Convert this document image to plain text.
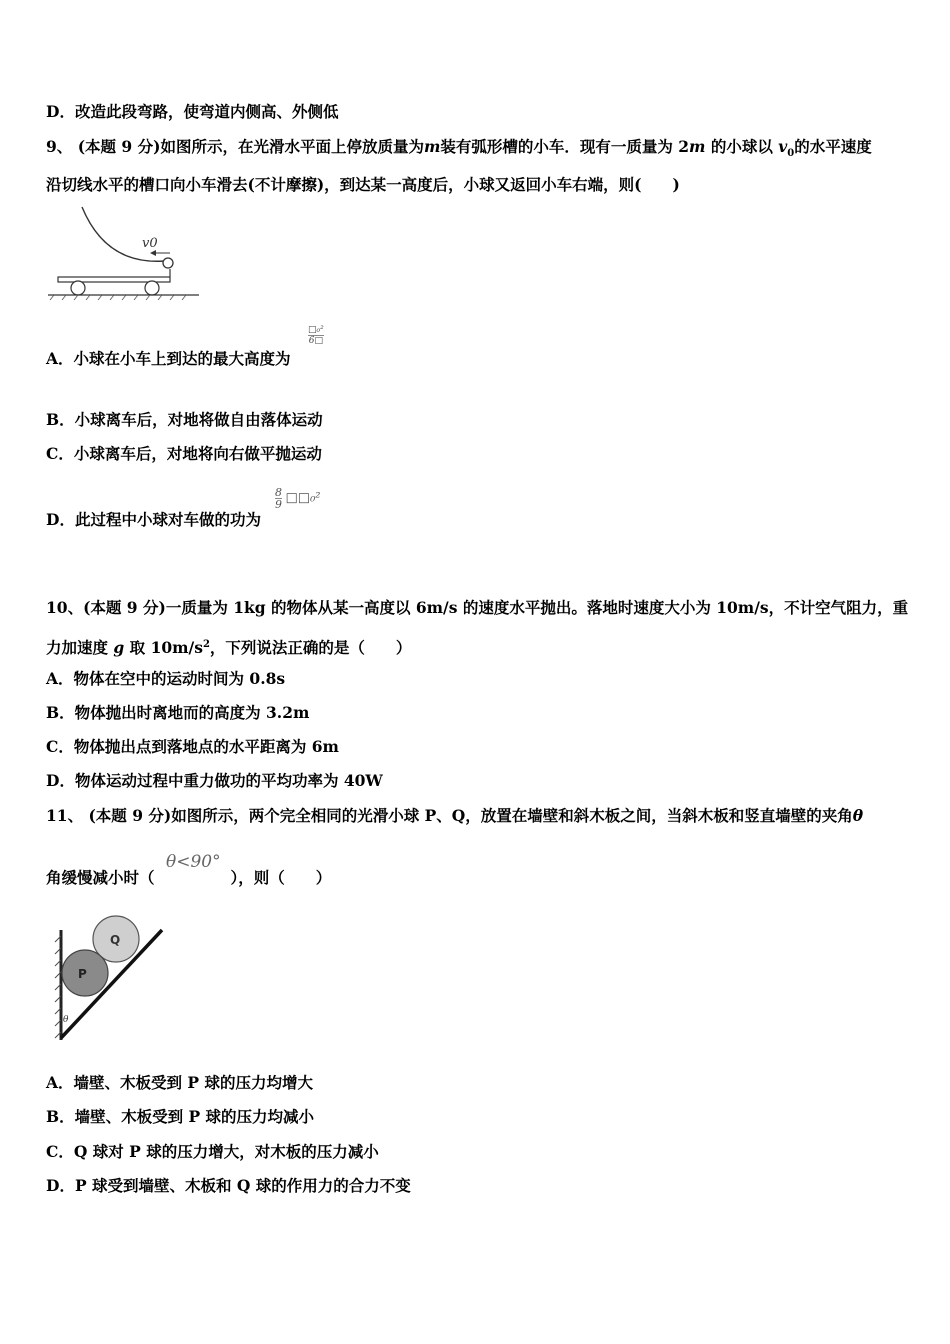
D．改造此段弯路，使弯道内侧高、外侧低
9、 (本题 9 分)如图所示，在光滑水平面上停放质量为m装有弧形槽的小车．现有一质量为 2m 的小球以 $v_0$的水平速度
沿切线水平的槽口向小车滑去(不计摩擦)，到达某一高度后，小球又返回小车右端，则(　　)
v0
A．小球在小车上到达的最大高度为
□₀²
6□
B．小球离车后，对地将做自由落体运动
C．小球离车后，对地将向右做平抛运动
D．此过程中小球对车做的功为
$\frac{8}{9}$ □□₀²
10、(本题 9 分)一质量为 1kg 的物体从某一高度以 6m/s 的速度水平抛出。落地时速度大小为 10m/s，不计空气阻力，重
力加速度 g 取 $10m/s^2$，下列说法正确的是（　　）
A．物体在空中的运动时间为 0.8s
B．物体抛出时离地而的高度为 3.2m
C．物体抛出点到落地点的水平距离为 6m
D．物体运动过程中重力做功的平均功率为 40W
11、 (本题 9 分)如图所示，两个完全相同的光滑小球 P、Q，放置在墙壁和斜木板之间，当斜木板和竖直墙壁的夹角θ
角缓慢减小时（	），则（　　）
θ<90°
Q
P
θ
A．墙壁、木板受到 P 球的压力均增大
B．墙壁、木板受到 P 球的压力均减小
C．Q 球对 P 球的压力增大，对木板的压力减小
D．P 球受到墙壁、木板和 Q 球的作用力的合力不变
